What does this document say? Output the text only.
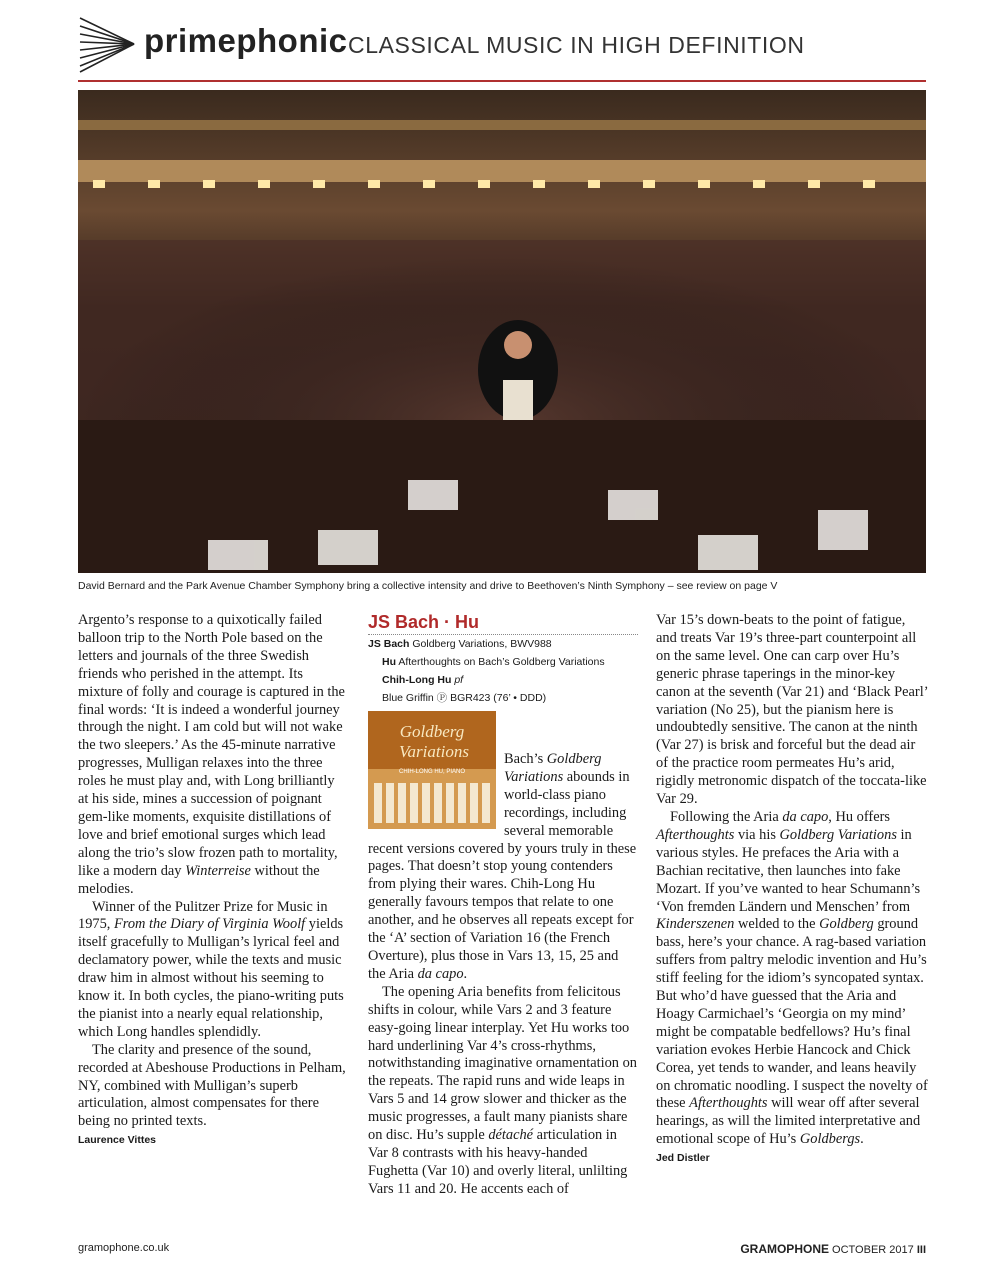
primephonic CLASSICAL MUSIC IN HIGH DEFINITION
David Bernard and the Park Avenue Chamber Symphony bring a collective intensity and drive to Beethoven’s Ninth Symphony – see review on page V

Argento’s response to a quixotically failed balloon trip to the North Pole based on the letters and journals of the three Swedish friends who perished in the attempt. Its mixture of folly and courage is captured in the final words: ‘It is indeed a wonderful journey through the night. I am cold but will not wake the two sleepers.’ As the 45-minute narrative progresses, Mulligan relaxes into the three roles he must play and, with Long brilliantly at his side, mines a succession of poignant gem-like moments, exquisite distillations of love and brief emotional surges which lead along the trio’s slow frozen path to mortality, like a modern day Winterreise without the melodies.

Winner of the Pulitzer Prize for Music in 1975, From the Diary of Virginia Woolf yields itself gracefully to Mulligan’s lyrical feel and declamatory power, while the texts and music draw him in almost without his seeming to know it. In both cycles, the piano-writing puts the pianist into a nearly equal relationship, which Long handles splendidly.

The clarity and presence of the sound, recorded at Abeshouse Productions in Pelham, NY, combined with Mulligan’s superb articulation, almost compensates for there being no printed texts.

Laurence Vittes
JS Bach · Hu

JS Bach Goldberg Variations, BWV988

Hu Afterthoughts on Bach’s Goldberg Variations

Chih-Long Hu pf

Blue Griffin Ⓟ BGR423 (76’ • DDD)

Goldberg
Variations
CHIH-LONG HU, PIANO

Bach’s Goldberg Variations abounds in world-class piano recordings, including several memorable recent versions covered by yours truly in these pages. That doesn’t stop young contenders from plying their wares. Chih-Long Hu generally favours tempos that relate to one another, and he observes all repeats except for the ‘A’ section of Variation 16 (the French Overture), plus those in Vars 13, 15, 25 and the Aria da capo.

The opening Aria benefits from felicitous shifts in colour, while Vars 2 and 3 feature easy-going linear interplay. Yet Hu works too hard underlining Var 4’s cross-rhythms, notwithstanding imaginative ornamentation on the repeats. The rapid runs and wide leaps in Vars 5 and 14 grow slower and thicker as the music progresses, a fault many pianists share on disc. Hu’s supple détaché articulation in Var 8 contrasts with his heavy-handed Fughetta (Var 10) and overly literal, unlilting Vars 11 and 20. He accents each of

Var 15’s down-beats to the point of fatigue, and treats Var 19’s three-part counterpoint all on the same level. One can carp over Hu’s generic phrase taperings in the minor-key canon at the seventh (Var 21) and ‘Black Pearl’ variation (No 25), but the pianism here is undoubtedly sensitive. The canon at the ninth (Var 27) is brisk and forceful but the dead air of the practice room permeates Hu’s arid, rigidly metronomic dispatch of the toccata-like Var 29.

Following the Aria da capo, Hu offers Afterthoughts via his Goldberg Variations in various styles. He prefaces the Aria with a Bachian recitative, then launches into fake Mozart. If you’ve wanted to hear Schumann’s ‘Von fremden Ländern und Menschen’ from Kinderszenen welded to the Goldberg ground bass, here’s your chance. A rag-based variation suffers from paltry melodic invention and Hu’s stiff feeling for the idiom’s syncopated syntax. But who’d have guessed that the Aria and Hoagy Carmichael’s ‘Georgia on my mind’ might be compatable bedfellows? Hu’s final variation evokes Herbie Hancock and Chick Corea, yet tends to wander, and leans heavily on chromatic noodling. I suspect the novelty of these Afterthoughts will wear off after several hearings, as will the limited interpretative and emotional scope of Hu’s Goldbergs.

Jed Distler
gramophone.co.uk	GRAMOPHONE OCTOBER 2017 III
